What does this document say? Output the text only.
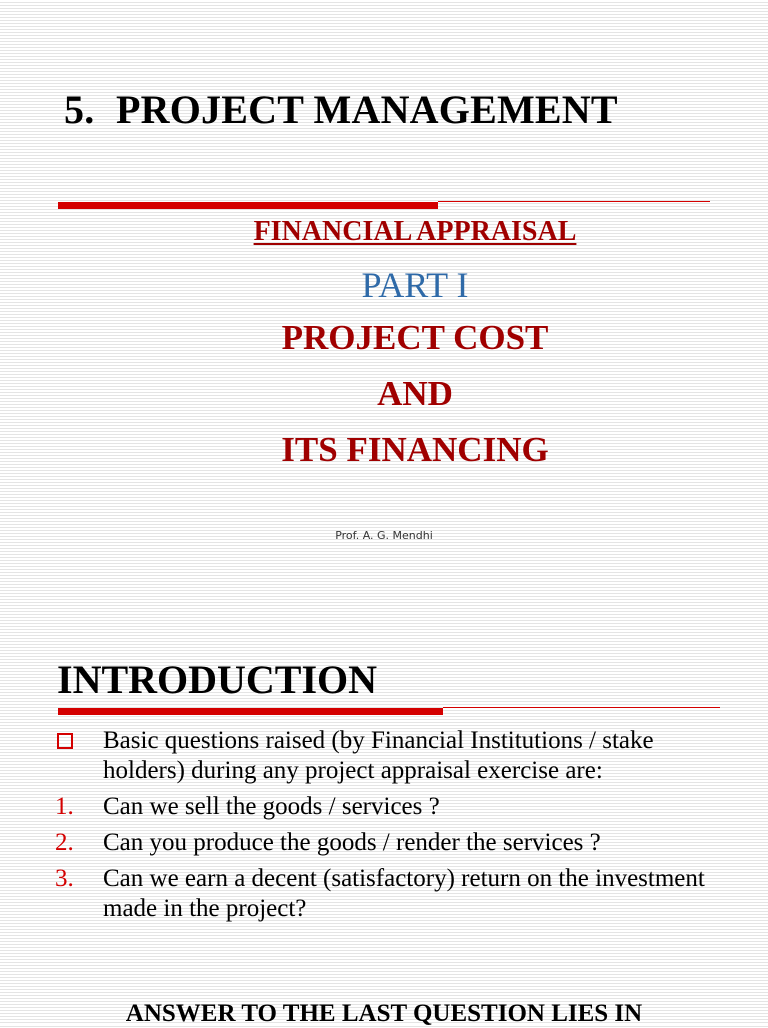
5. PROJECT MANAGEMENT

FINANCIAL APPRAISAL

PART I

PROJECT COST

AND

ITS FINANCING

Prof. A. G. Mendhi
INTRODUCTION
Basic questions raised (by Financial Institutions / stake holders) during any project appraisal exercise are:
1.	Can we sell the goods / services ?
2.	Can you produce the goods / render the services ?
3.	Can we earn a decent (satisfactory) return on the investment made in the project?

ANSWER TO THE LAST QUESTION LIES IN
